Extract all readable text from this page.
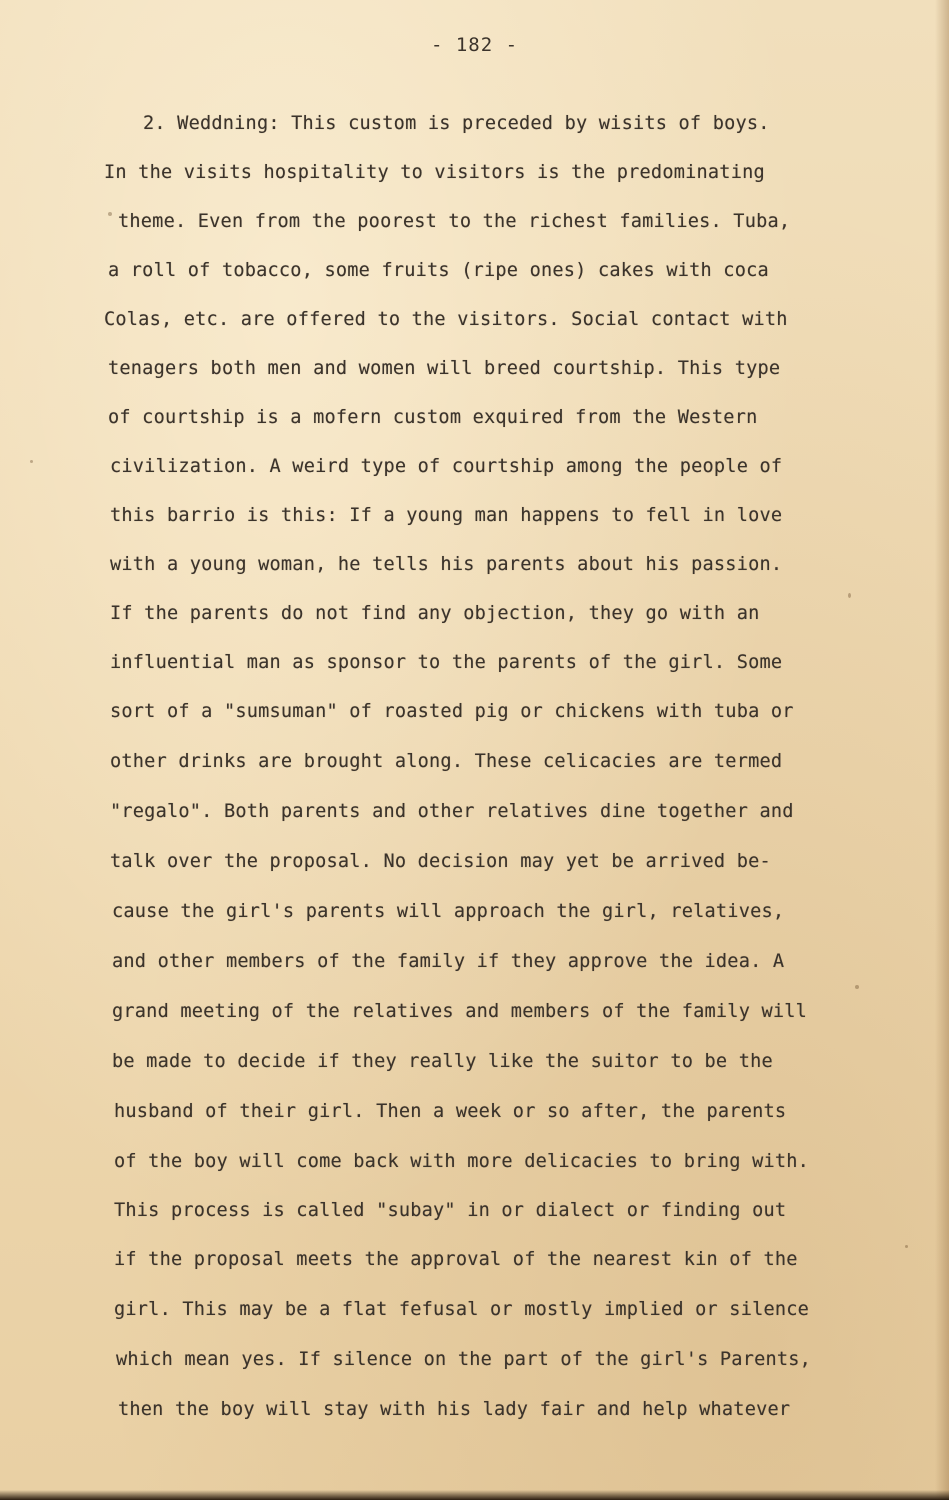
- 182 -
2. Weddning: This custom is preceded by wisits of boys.
In the visits hospitality to visitors is the predominating
theme. Even from the poorest to the richest families. Tuba,
a roll of tobacco, some fruits (ripe ones) cakes with coca
Colas, etc. are offered to the visitors. Social contact with
tenagers both men and women will breed courtship. This type
of courtship is a mofern custom exquired from the Western
civilization. A weird type of courtship among the people of
this barrio is this: If a young man happens to fell in love
with a young woman, he tells his parents about his passion.
If the parents do not find any objection, they go with an
influential man as sponsor to the parents of the girl. Some
sort of a "sumsuman" of roasted pig or chickens with tuba or
other drinks are brought along. These celicacies are termed
"regalo". Both parents and other relatives dine together and
talk over the proposal. No decision may yet be arrived be-
cause the girl's parents will approach the girl, relatives,
and other members of the family if they approve the idea. A
grand meeting of the relatives and members of the family will
be made to decide if they really like the suitor to be the
husband of their girl. Then a week or so after, the parents
of the boy will come back with more delicacies to bring with.
This process is called "subay" in or dialect or finding out
if the proposal meets the approval of the nearest kin of the
girl. This may be a flat fefusal or mostly implied or silence
which mean yes. If silence on the part of the girl's Parents,
then the boy will stay with his lady fair and help whatever
